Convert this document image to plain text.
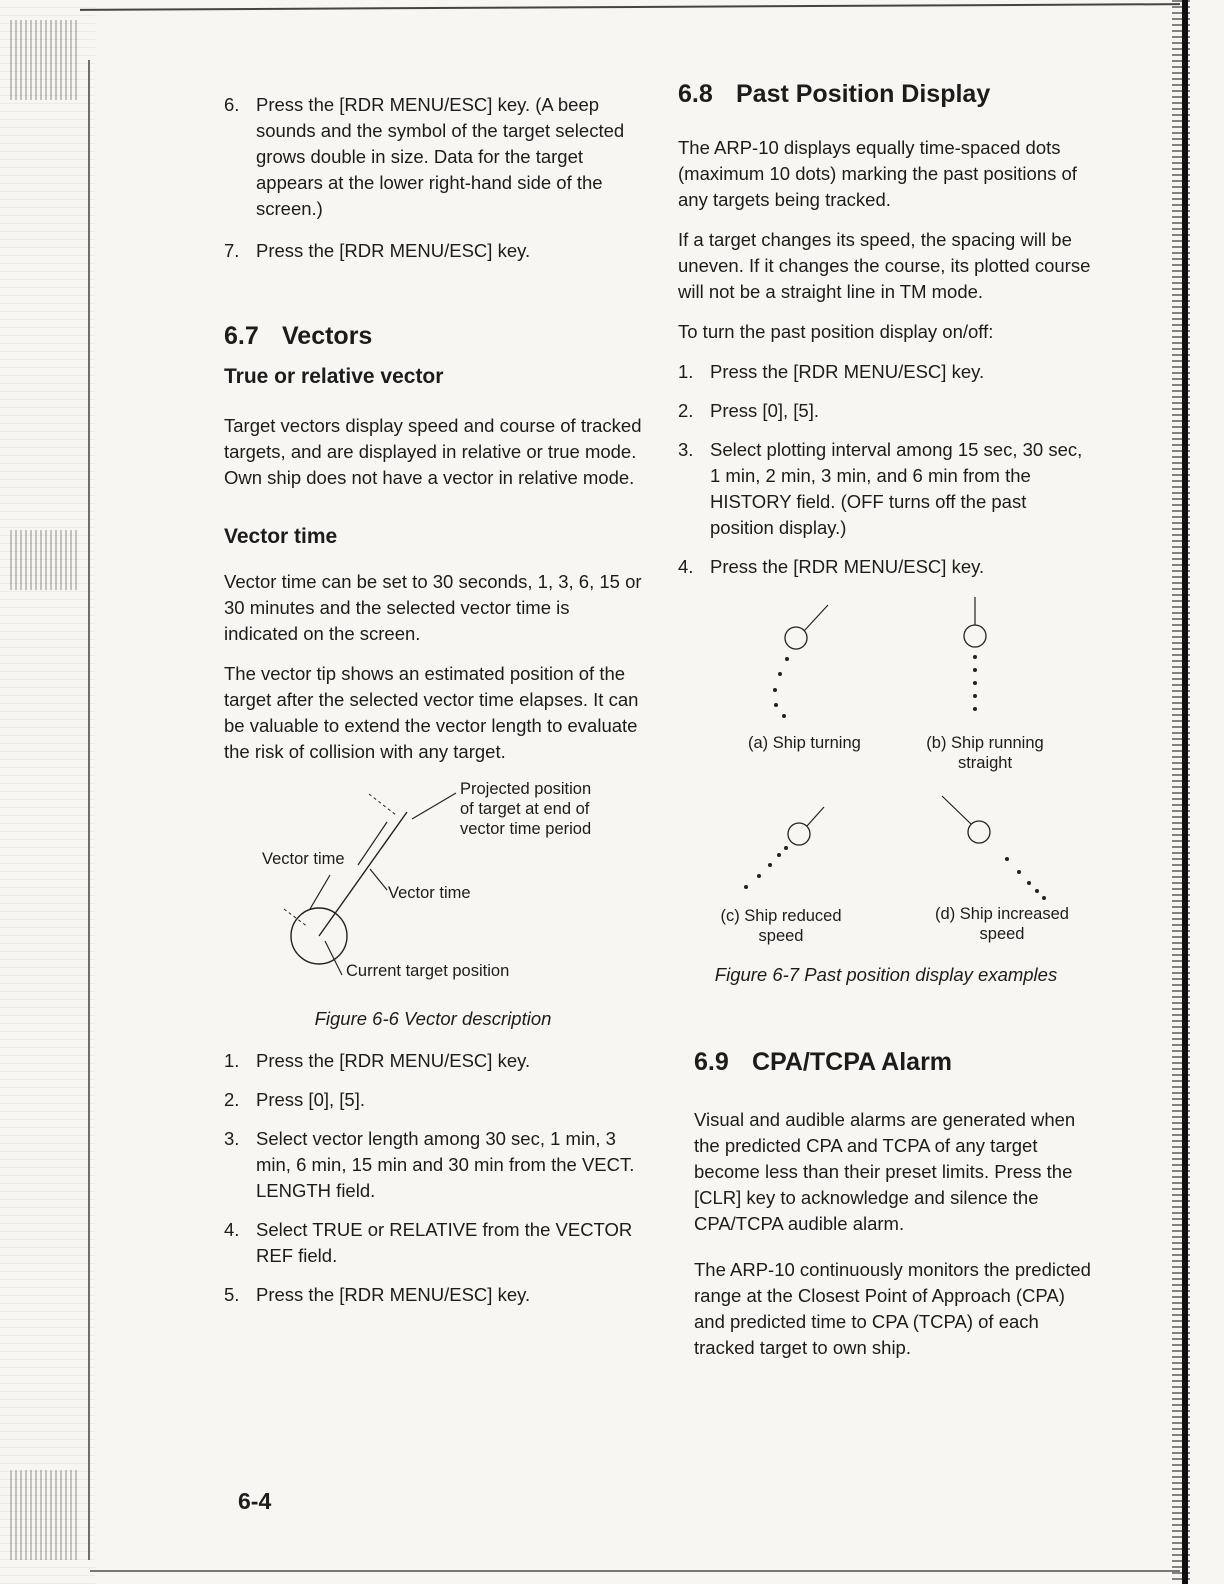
6. Press the [RDR MENU/ESC] key. (A beep sounds and the symbol of the target selected grows double in size. Data for the target appears at the lower right-hand side of the screen.)
7. Press the [RDR MENU/ESC] key.
6.7 Vectors
True or relative vector

Target vectors display speed and course of tracked targets, and are displayed in relative or true mode. Own ship does not have a vector in relative mode.

Vector time

Vector time can be set to 30 seconds, 1, 3, 6, 15 or 30 minutes and the selected vector time is indicated on the screen.

The vector tip shows an estimated position of the target after the selected vector time elapses. It can be valuable to extend the vector length to evaluate the risk of collision with any target.

Projected position
of target at end of
vector time period
Vector time
Vector time
Current target position
Figure 6-6 Vector description
1. Press the [RDR MENU/ESC] key.
2. Press [0], [5].
3. Select vector length among 30 sec, 1 min, 3 min, 6 min, 15 min and 30 min from the VECT. LENGTH field.
4. Select TRUE or RELATIVE from the VECTOR REF field.
5. Press the [RDR MENU/ESC] key.
6-4
6.8 Past Position Display

The ARP-10 displays equally time-spaced dots (maximum 10 dots) marking the past positions of any targets being tracked.

If a target changes its speed, the spacing will be uneven. If it changes the course, its plotted course will not be a straight line in TM mode.

To turn the past position display on/off:

1. Press the [RDR MENU/ESC] key.
2. Press [0], [5].
3. Select plotting interval among 15 sec, 30 sec, 1 min, 2 min, 3 min, and 6 min from the HISTORY field. (OFF turns off the past position display.)
4. Press the [RDR MENU/ESC] key.
(a) Ship turning	(b) Ship running
straight
(c) Ship reduced
speed
(d) Ship increased
speed
Figure 6-7 Past position display examples
6.9 CPA/TCPA Alarm

Visual and audible alarms are generated when the predicted CPA and TCPA of any target become less than their preset limits. Press the [CLR] key to acknowledge and silence the CPA/TCPA audible alarm.

The ARP-10 continuously monitors the predicted range at the Closest Point of Approach (CPA) and predicted time to CPA (TCPA) of each tracked target to own ship.
